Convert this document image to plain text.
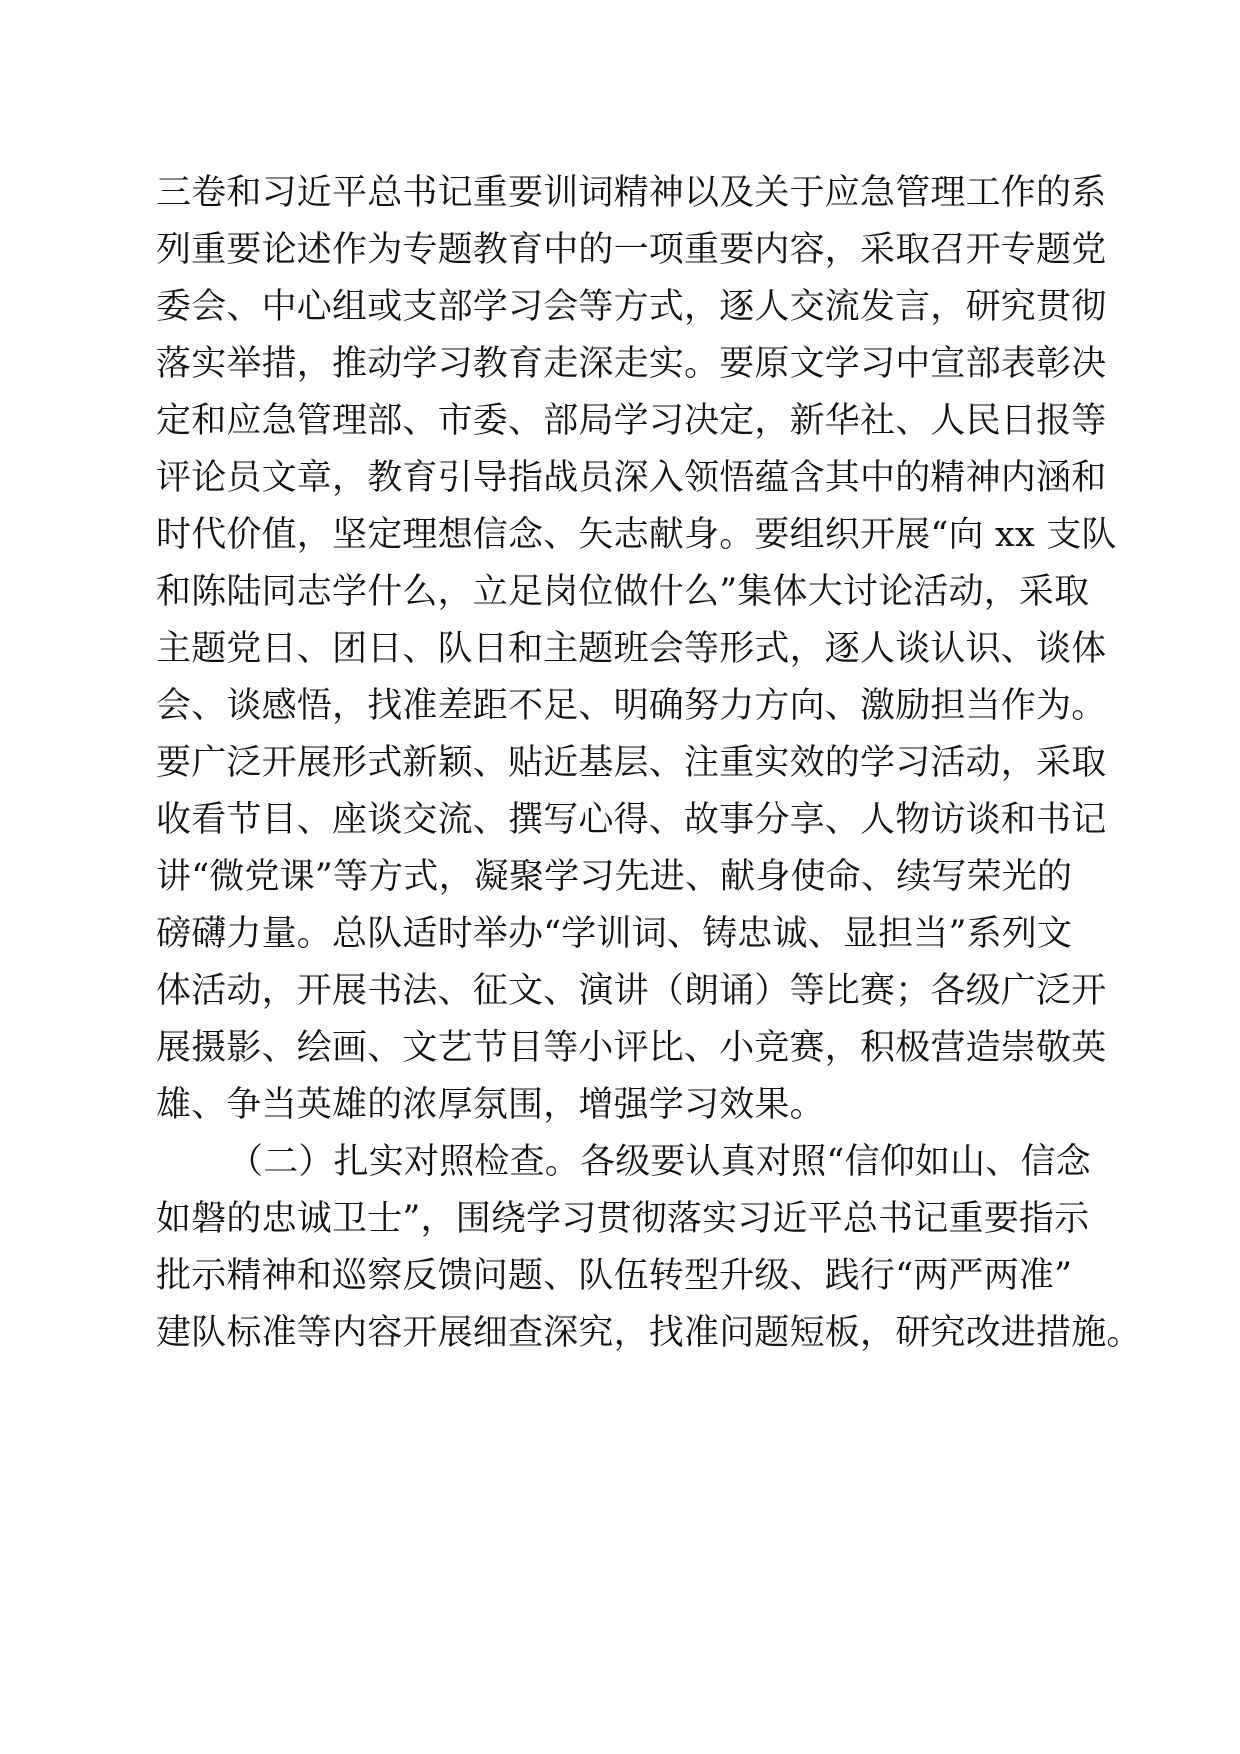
三卷和习近平总书记重要训词精神以及关于应急管理工作的系
列重要论述作为专题教育中的一项重要内容，采取召开专题党
委会、中心组或支部学习会等方式，逐人交流发言，研究贯彻
落实举措，推动学习教育走深走实。要原文学习中宣部表彰决
定和应急管理部、市委、部局学习决定，新华社、人民日报等
评论员文章，教育引导指战员深入领悟蕴含其中的精神内涵和
时代价值，坚定理想信念、矢志献身。要组织开展“向 xx 支队
和陈陆同志学什么，立足岗位做什么”集体大讨论活动，采取
主题党日、团日、队日和主题班会等形式，逐人谈认识、谈体
会、谈感悟，找准差距不足、明确努力方向、激励担当作为。
要广泛开展形式新颖、贴近基层、注重实效的学习活动，采取
收看节目、座谈交流、撰写心得、故事分享、人物访谈和书记
讲“微党课”等方式，凝聚学习先进、献身使命、续写荣光的
磅礴力量。总队适时举办“学训词、铸忠诚、显担当”系列文
体活动，开展书法、征文、演讲（朗诵）等比赛；各级广泛开
展摄影、绘画、文艺节目等小评比、小竞赛，积极营造崇敬英
雄、争当英雄的浓厚氛围，增强学习效果。
（二）扎实对照检查。各级要认真对照“信仰如山、信念
如磐的忠诚卫士”，围绕学习贯彻落实习近平总书记重要指示
批示精神和巡察反馈问题、队伍转型升级、践行“两严两准”
建队标准等内容开展细查深究，找准问题短板，研究改进措施。
